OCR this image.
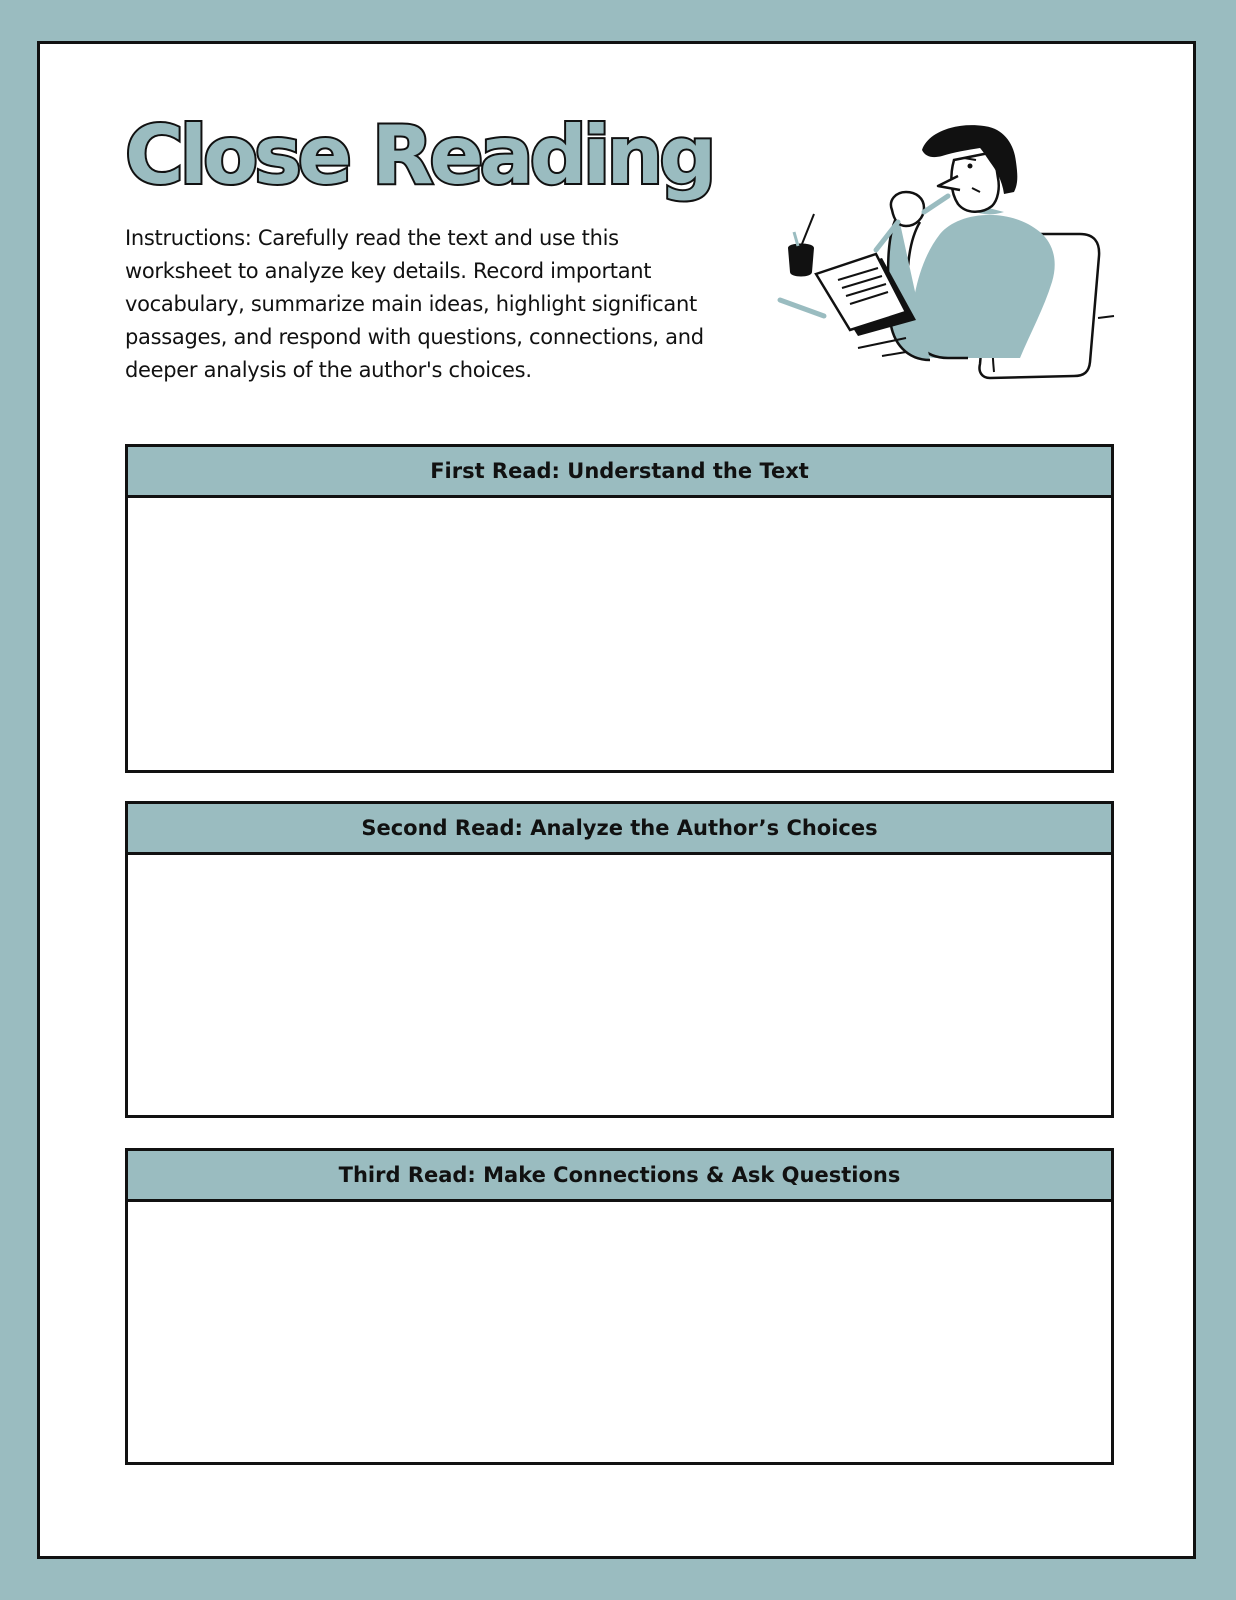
Close Reading

Instructions: Carefully read the text and use this worksheet to analyze key details. Record important vocabulary, summarize main ideas, highlight significant passages, and respond with questions, connections, and deeper analysis of the author's choices.

First Read: Understand the Text
Second Read: Analyze the Author’s Choices
Third Read: Make Connections & Ask Questions
